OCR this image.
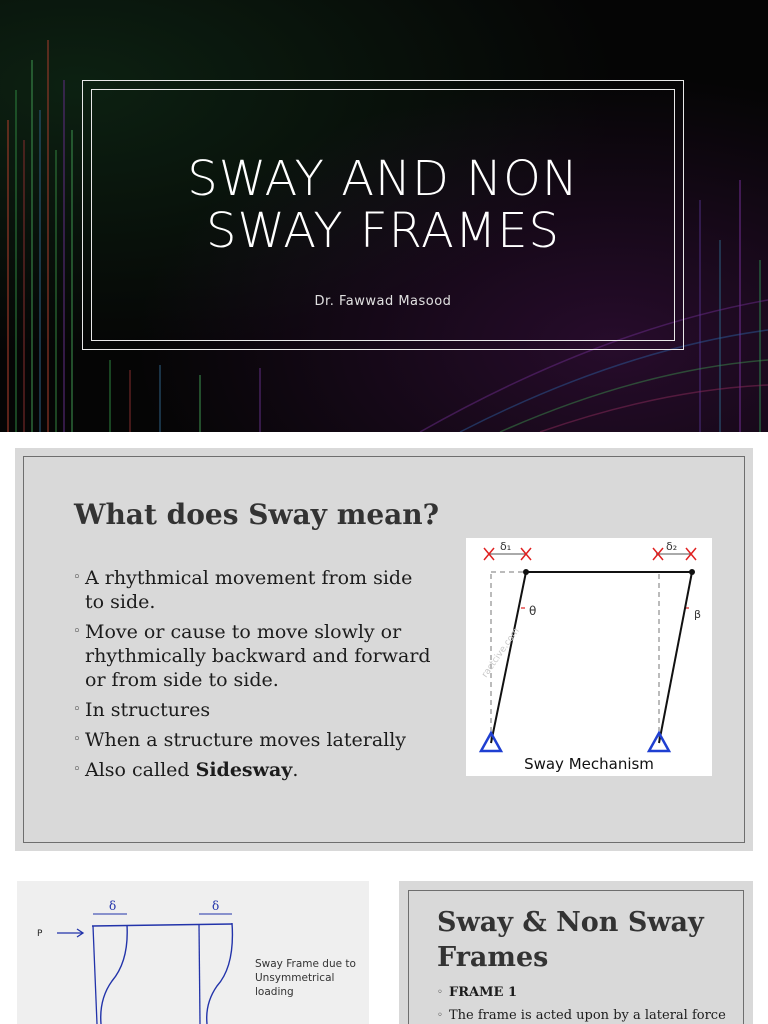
SWAY AND NON
SWAY FRAMES
Dr. Fawwad Masood
What does Sway mean?
◦ A rhythmical movement from side to side.
◦ Move or cause to move slowly or rhythmically backward and forward or from side to side.
◦ In structures
◦ When a structure moves laterally
◦ Also called Sidesway.
δ₁	δ₂
θ	β
ractcive.com
Sway Mechanism
P
δ	δ
Sway Frame due to
Unsymmetrical loading
Sway & Non Sway
Frames
◦ FRAME 1
◦ The frame is acted upon by a lateral force
